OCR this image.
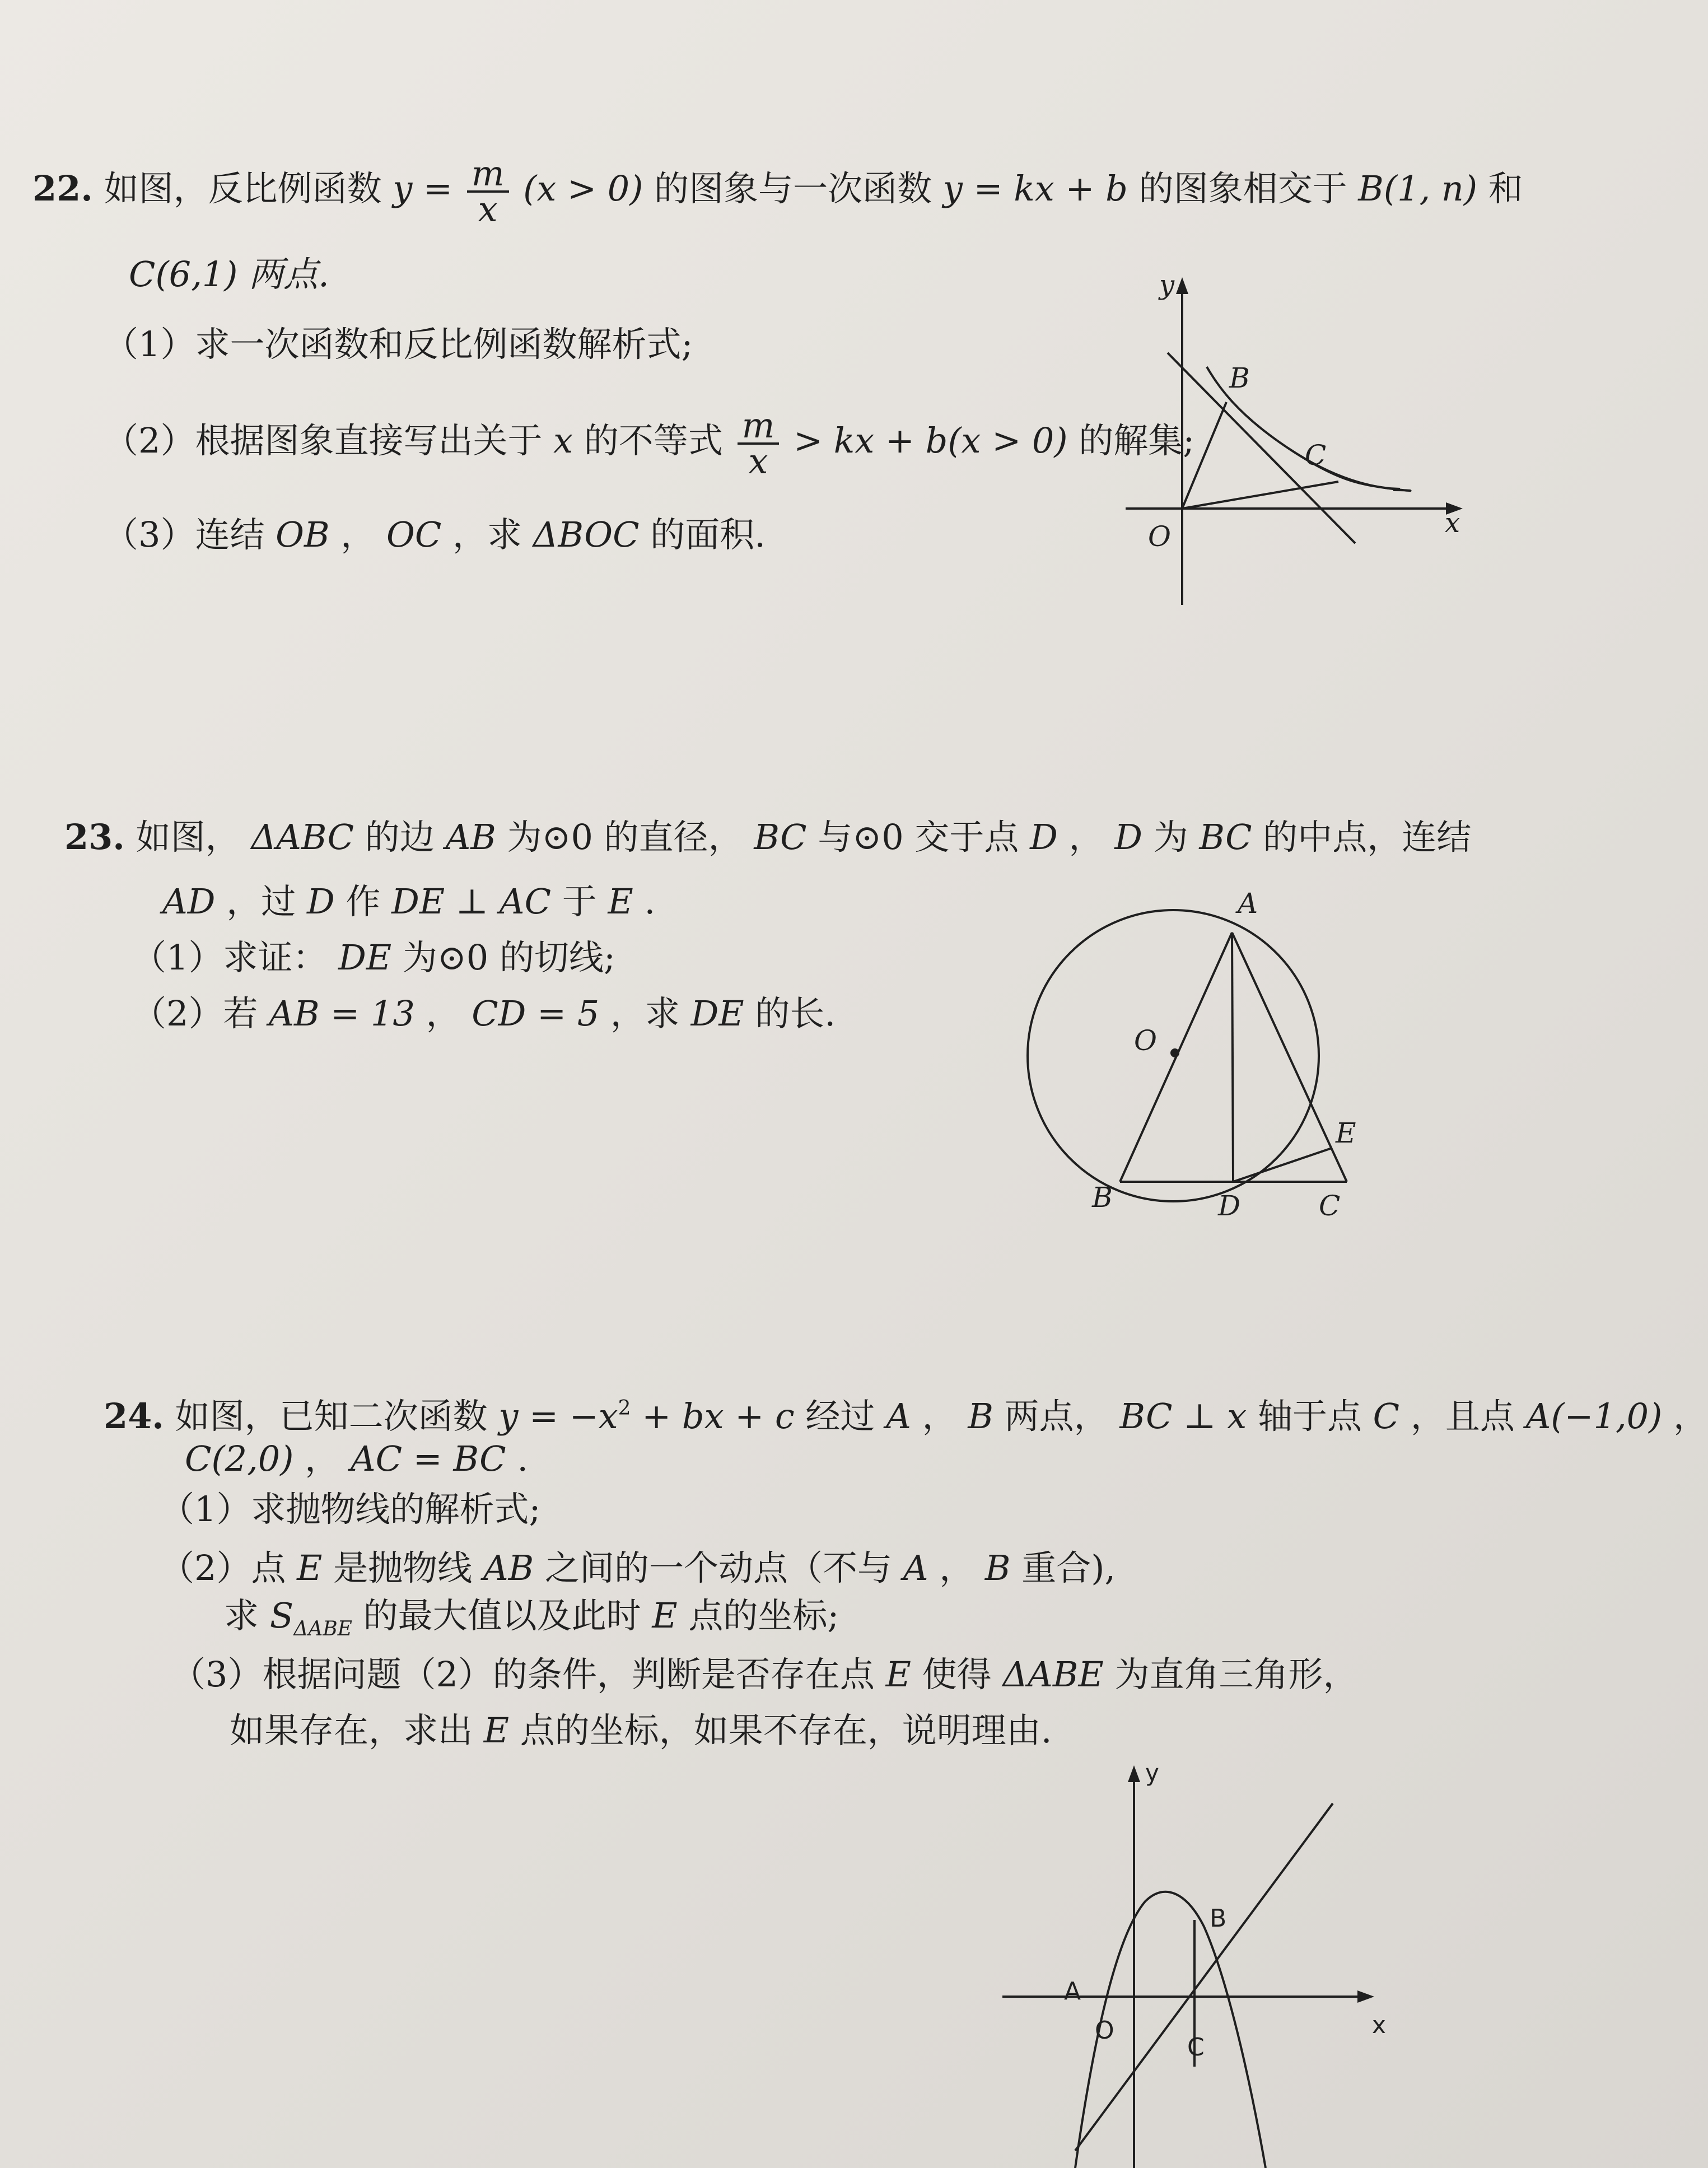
22. 如图，反比例函数 $y = \frac{m}{x} (x > 0)$ 的图象与一次函数 y = kx + b 的图象相交于 B(1, n) 和
C(6,1) 两点.
（1）求一次函数和反比例函数解析式;
（2）根据图象直接写出关于 x 的不等式 $\frac{m}{x}$ > kx + b(x > 0) 的解集;
（3）连结 OB ， OC ，求 ΔBOC 的面积.
y
x
O
B
C
23. 如图， ΔABC 的边 AB 为⊙0 的直径， BC 与⊙0 交于点 D ， D 为 BC 的中点，连结
AD ，过 D 作 DE ⊥ AC 于 E .
（1）求证： DE 为⊙0 的切线;
（2）若 AB = 13 ， CD = 5 ，求 DE 的长.
A
O
B	D	C
E
24. 如图，已知二次函数 $y = -x^2$ + bx + c 经过 A ， B 两点， BC ⊥ x 轴于点 C ，且点 A(−1,0) ，
C(2,0) ， AC = BC .
（1）求抛物线的解析式;
（2）点 E 是抛物线 AB 之间的一个动点（不与 A ， B 重合),
求 $S_{\Delta ABE}$ 的最大值以及此时 E 点的坐标;
（3）根据问题（2）的条件，判断是否存在点 E 使得 ΔABE 为直角三角形，
如果存在，求出 E 点的坐标，如果不存在，说明理由.
y
x
O
A
B
C
